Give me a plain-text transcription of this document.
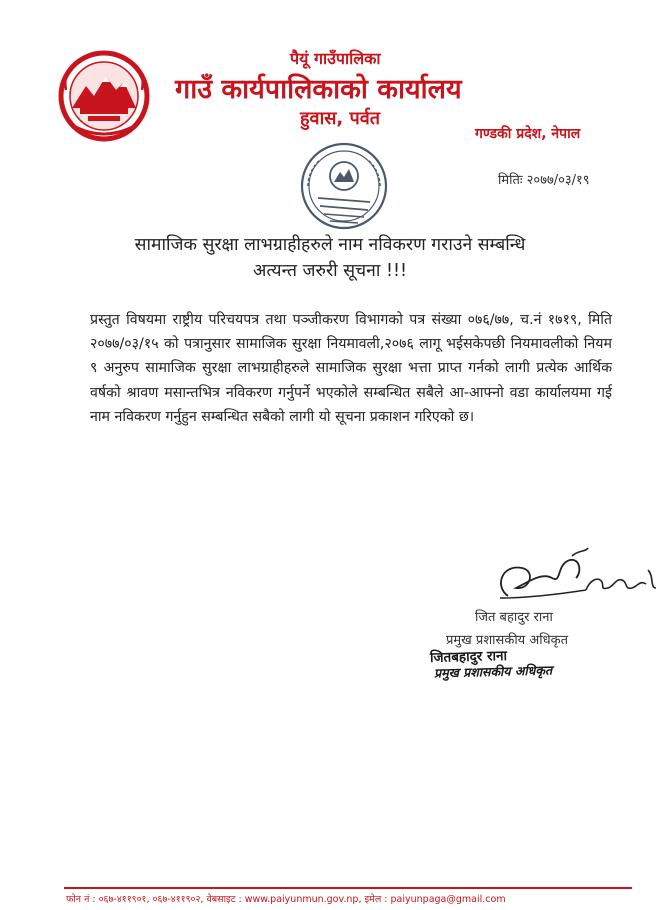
पैयूं गाउँपालिका
गाउँ कार्यपालिकाको कार्यालय
हुवास, पर्वत
गण्डकी प्रदेश, नेपाल
मितिः २०७७/०३/१९
सामाजिक सुरक्षा लाभग्राहीहरुले नाम नविकरण गराउने सम्बन्धि
अत्यन्त जरुरी सूचना !!!
प्रस्तुत विषयमा राष्ट्रीय परिचयपत्र तथा पञ्जीकरण विभागको पत्र संख्या ०७६/७७, च.नं १७१९, मिति २०७७/०३/१५ को पत्रानुसार सामाजिक सुरक्षा नियमावली,२०७६ लागू भईसकेपछी नियमावलीको नियम ९ अनुरुप सामाजिक सुरक्षा लाभग्राहीहरुले सामाजिक सुरक्षा भत्ता प्राप्त गर्नको लागी प्रत्येक आर्थिक वर्षको श्रावण मसान्तभित्र नविकरण गर्नुपर्ने भएकोले सम्बन्धित सबैले आ-आफ्नो वडा कार्यालयमा गई नाम नविकरण गर्नुहुन सम्बन्धित सबैको लागी यो सूचना प्रकाशन गरिएको छ।
जित बहादुर राना
प्रमुख प्रशासकीय अधिकृत
जितबहादुर राना
प्रमुख प्रशासकीय अधिकृत
फोन नं : ०६७-४११९०१, ०६७-४११९०२, वेबसाइट : www.paiyunmun.gov.np, इमेल : paiyunpaga@gmail.com
